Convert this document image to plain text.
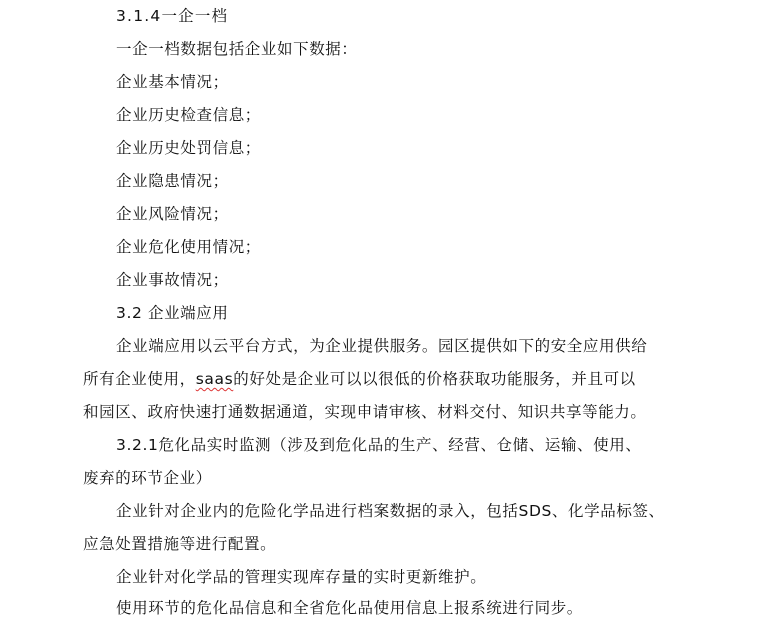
3.1.4一企一档
一企一档数据包括企业如下数据：
企业基本情况；
企业历史检查信息；
企业历史处罚信息；
企业隐患情况；
企业风险情况；
企业危化使用情况；
企业事故情况；
3.2 企业端应用
企业端应用以云平台方式，为企业提供服务。园区提供如下的安全应用供给
所有企业使用，saas的好处是企业可以以很低的价格获取功能服务，并且可以
和园区、政府快速打通数据通道，实现申请审核、材料交付、知识共享等能力。
3.2.1危化品实时监测（涉及到危化品的生产、经营、仓储、运输、使用、
废弃的环节企业）
企业针对企业内的危险化学品进行档案数据的录入，包括SDS、化学品标签、
应急处置措施等进行配置。
企业针对化学品的管理实现库存量的实时更新维护。
使用环节的危化品信息和全省危化品使用信息上报系统进行同步。
